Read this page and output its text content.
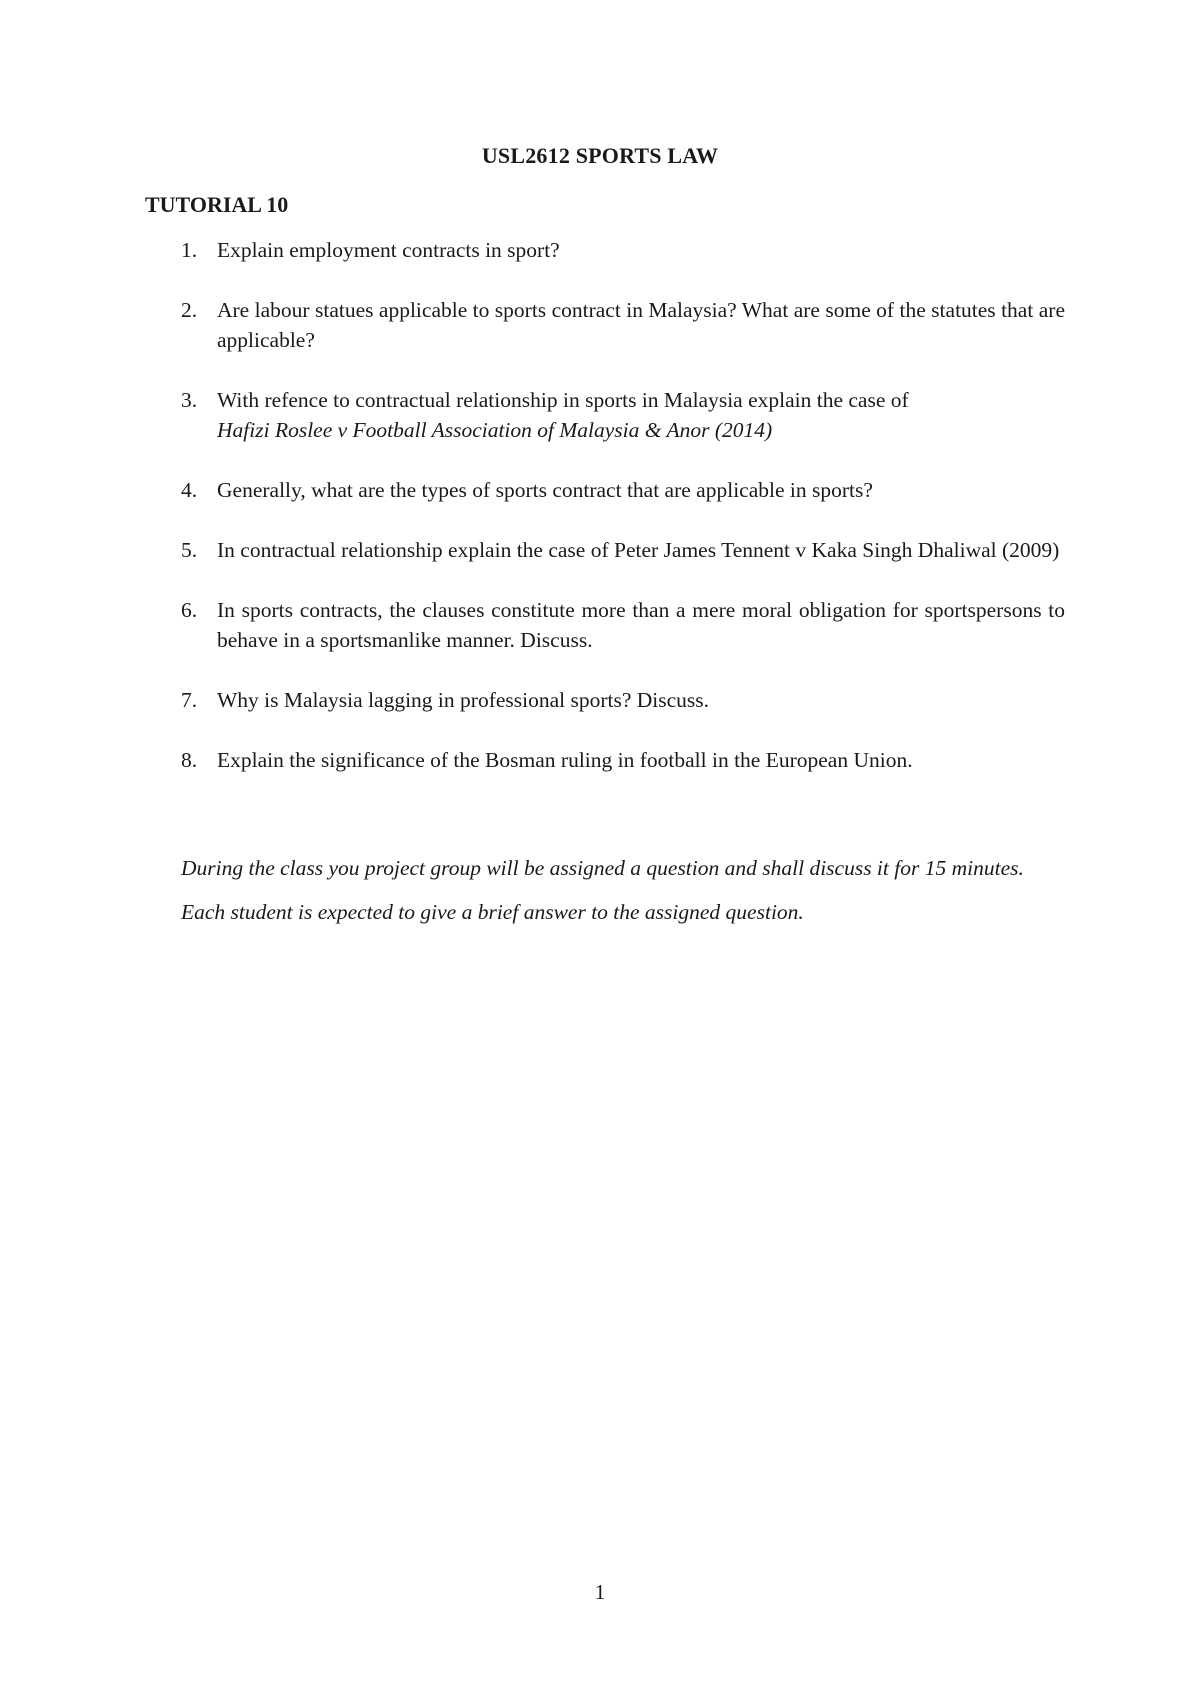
USL2612 SPORTS LAW
TUTORIAL 10
1. Explain employment contracts in sport?
2. Are labour statues applicable to sports contract in Malaysia? What are some of the statutes that are applicable?
3. With refence to contractual relationship in sports in Malaysia explain the case of
Hafizi Roslee v Football Association of Malaysia & Anor (2014)
4. Generally, what are the types of sports contract that are applicable in sports?
5. In contractual relationship explain the case of Peter James Tennent v Kaka Singh Dhaliwal (2009)
6. In sports contracts, the clauses constitute more than a mere moral obligation for sportspersons to behave in a sportsmanlike manner. Discuss.
7. Why is Malaysia lagging in professional sports? Discuss.
8. Explain the significance of the Bosman ruling in football in the European Union.

During the class you project group will be assigned a question and shall discuss it for 15 minutes.

Each student is expected to give a brief answer to the assigned question.

1
